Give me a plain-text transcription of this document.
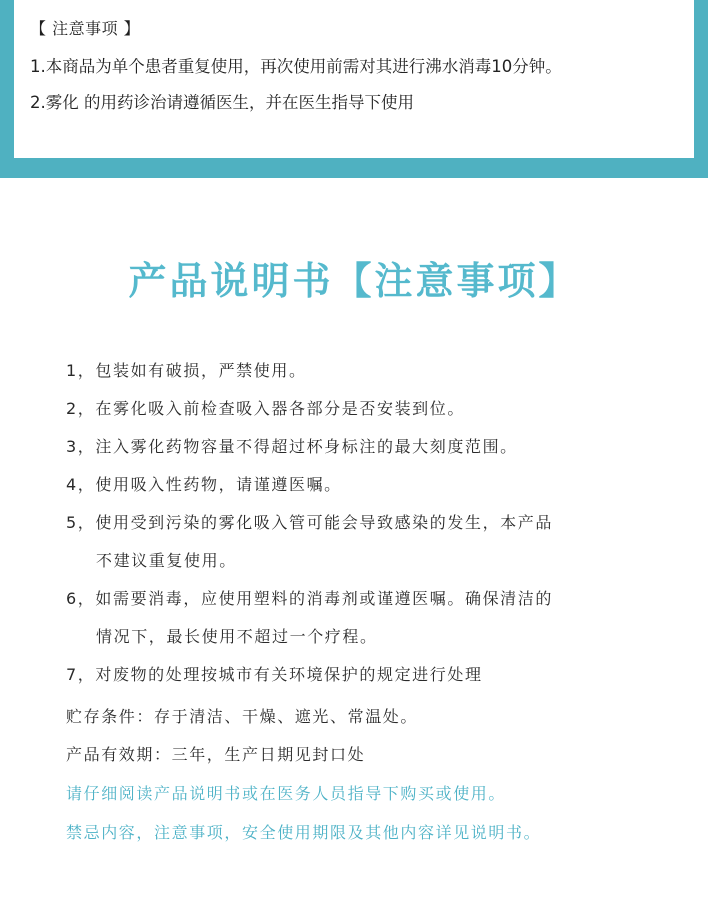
【 注意事项 】

1.本商品为单个患者重复使用，再次使用前需对其进行沸水消毒10分钟。

2.雾化 的用药诊治请遵循医生，并在医生指导下使用

产品说明书【注意事项】
1，包装如有破损，严禁使用。
2，在雾化吸入前检查吸入器各部分是否安装到位。
3，注入雾化药物容量不得超过杯身标注的最大刻度范围。
4，使用吸入性药物，请谨遵医嘱。
5，使用受到污染的雾化吸入管可能会导致感染的发生，本产品
不建议重复使用。
6，如需要消毒，应使用塑料的消毒剂或谨遵医嘱。确保清洁的
情况下，最长使用不超过一个疗程。
7，对废物的处理按城市有关环境保护的规定进行处理

贮存条件：存于清洁、干燥、遮光、常温处。

产品有效期：三年，生产日期见封口处

请仔细阅读产品说明书或在医务人员指导下购买或使用。

禁忌内容，注意事项，安全使用期限及其他内容详见说明书。
